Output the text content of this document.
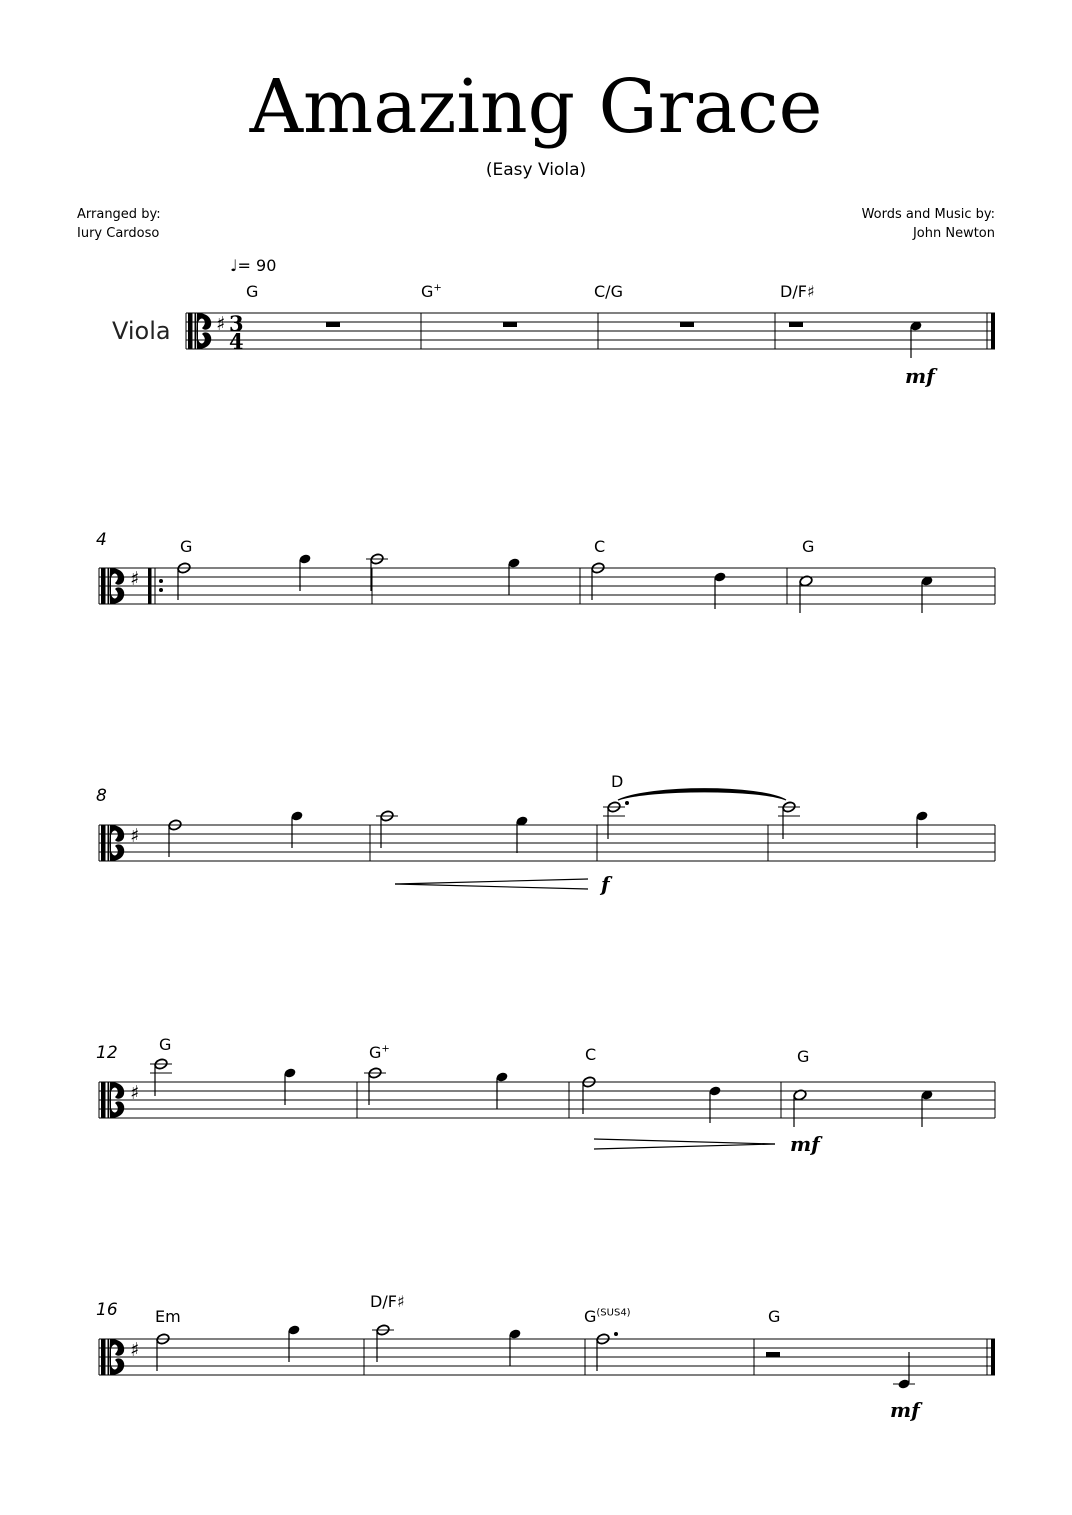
Amazing Grace
(Easy Viola)
Arranged by:
Iury Cardoso
Words and Music by:
John Newton
♩= 90
Viola
G	G+	C/G	D/F♯
G	C	G
D
G	G+	C	G
Em
D/F♯
$G^{(SUS4)}$	G
4
8
12
16
mf
f
mf
mf
♯ 3
4
♯
♯
♯
♯
